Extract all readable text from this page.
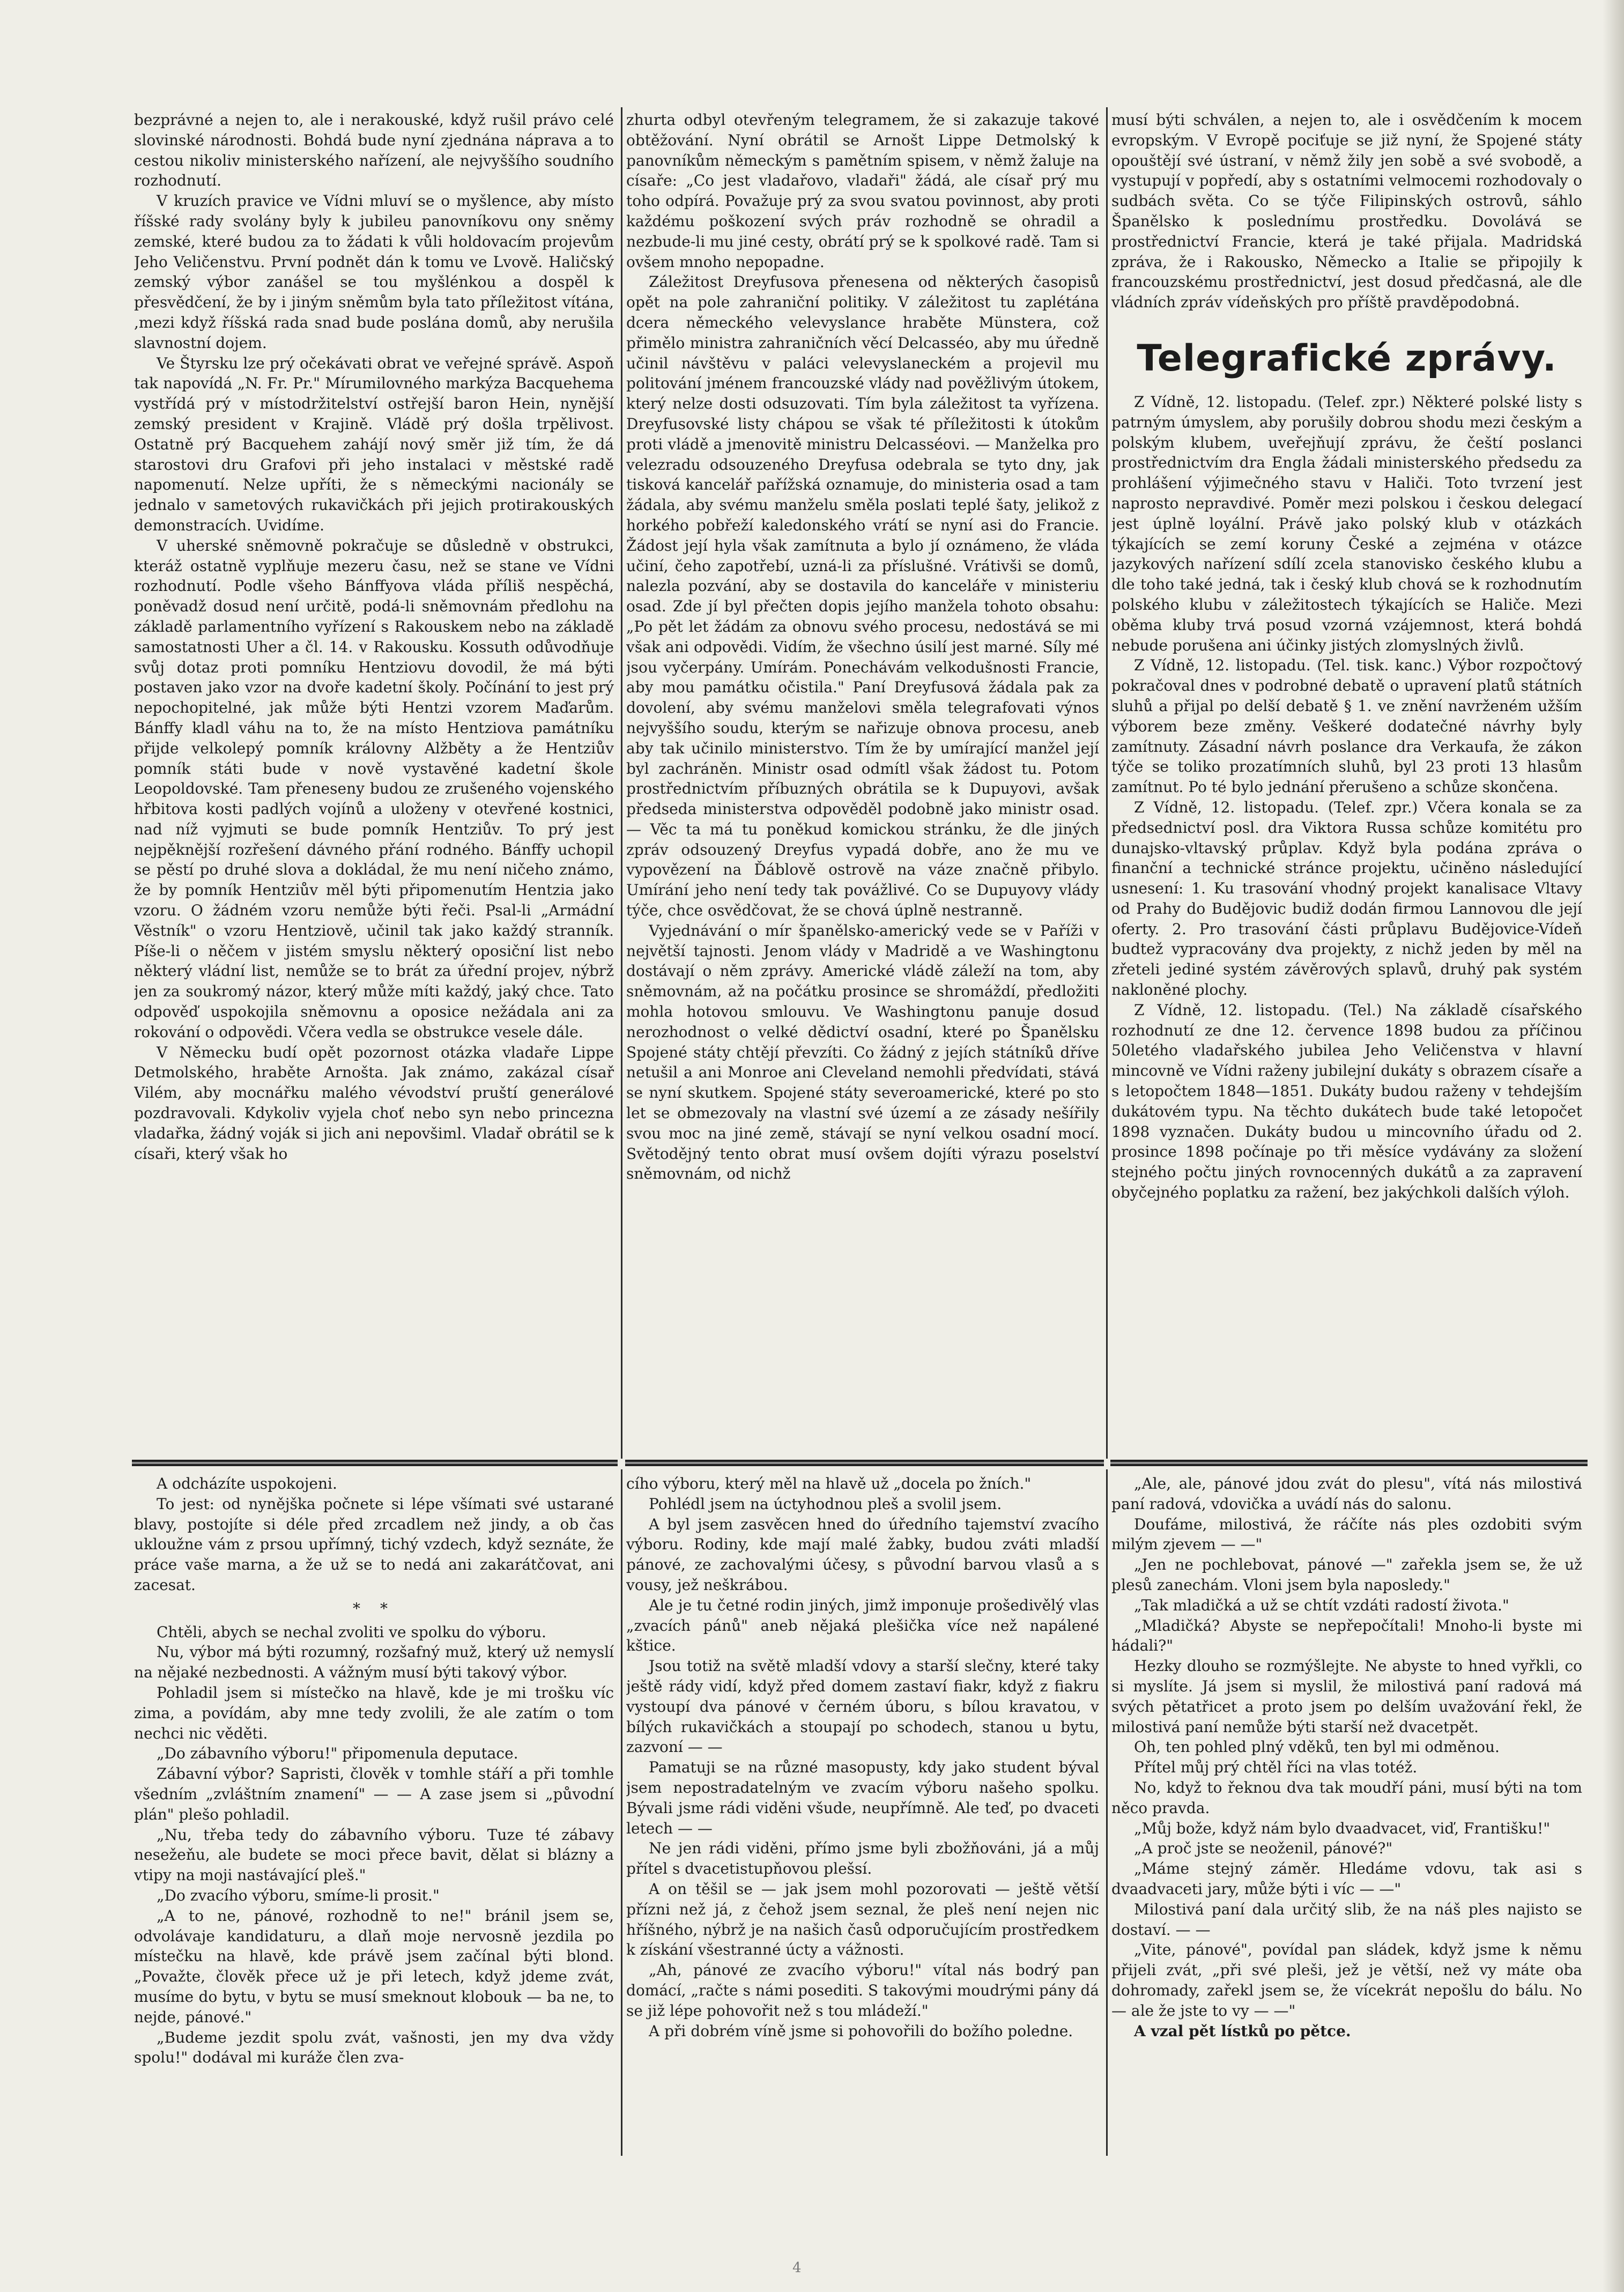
bezprávné a nejen to, ale i nerakouské, když rušil právo celé slovinské národnosti. Bohdá bude nyní zjednána náprava a to cestou nikoliv ministerského nařízení, ale nejvyššího soudního rozhodnutí.

V kruzích pravice ve Vídni mluví se o myšlence, aby místo říšské rady svolány byly k jubileu panovníkovu ony sněmy zemské, které budou za to žádati k vůli holdovacím projevům Jeho Veličenstvu. První podnět dán k tomu ve Lvově. Haličský zemský výbor zanášel se tou myšlénkou a dospěl k přesvědčení, že by i jiným sněmům byla tato příležitost vítána, ,mezi když říšská rada snad bude poslána domů, aby nerušila slavnostní dojem.

Ve Štyrsku lze prý očekávati obrat ve veřejné správě. Aspoň tak napovídá „N. Fr. Pr." Mírumilovného markýza Bacquehema vystřídá prý v místodržitelství ostřejší baron Hein, nynější zemský president v Krajině. Vládě prý došla trpělivost. Ostatně prý Bacquehem zahájí nový směr již tím, že dá starostovi dru Grafovi při jeho instalaci v městské radě napomenutí. Nelze upříti, že s německými nacionály se jednalo v sametových rukavičkách při jejich protirakouských demonstracích. Uvidíme.

V uherské sněmovně pokračuje se důsledně v obstrukci, kteráž ostatně vyplňuje mezeru času, než se stane ve Vídni rozhodnutí. Podle všeho Bánffyova vláda příliš nespěchá, poněvadž dosud není určitě, podá-li sněmovnám předlohu na základě parlamentního vyřízení s Rakouskem nebo na základě samostatnosti Uher a čl. 14. v Rakousku. Kossuth odůvodňuje svůj dotaz proti pomníku Hentziovu dovodil, že má býti postaven jako vzor na dvoře kadetní školy. Počínání to jest prý nepochopitelné, jak může býti Hentzi vzorem Maďarům. Bánffy kladl váhu na to, že na místo Hentziova památníku přijde velkolepý pomník královny Alžběty a že Hentziův pomník státi bude v nově vystavěné kadetní škole Leopoldovské. Tam přeneseny budou ze zrušeného vojenského hřbitova kosti padlých vojínů a uloženy v otevřené kostnici, nad níž vyjmuti se bude pomník Hentziův. To prý jest nejpěknější rozřešení dávného přání rodného. Bánffy uchopil se pěstí po druhé slova a dokládal, že mu není ničeho známo, že by pomník Hentziův měl býti připomenutím Hentzia jako vzoru. O žádném vzoru nemůže býti řeči. Psal-li „Armádní Věstník" o vzoru Hentziově, učinil tak jako každý stranník. Píše-li o něčem v jistém smyslu některý oposiční list nebo některý vládní list, nemůže se to brát za úřední projev, nýbrž jen za soukromý názor, který může míti každý, jaký chce. Tato odpověď uspokojila sněmovnu a oposice nežádala ani za rokování o odpovědi. Včera vedla se obstrukce vesele dále.

V Německu budí opět pozornost otázka vladaře Lippe Detmolského, hraběte Arnošta. Jak známo, zakázal císař Vilém, aby mocnářku malého vévodství pruští generálové pozdravovali. Kdykoliv vyjela choť nebo syn nebo princezna vladařka, žádný voják si jich ani nepovšiml. Vladař obrátil se k císaři, který však ho

zhurta odbyl otevřeným telegramem, že si zakazuje takové obtěžování. Nyní obrátil se Arnošt Lippe Detmolský k panovníkům německým s pamětním spisem, v němž žaluje na císaře: „Co jest vladařovo, vladaři" žádá, ale císař prý mu toho odpírá. Považuje prý za svou svatou povinnost, aby proti každému poškození svých práv rozhodně se ohradil a nezbude-li mu jiné cesty, obrátí prý se k spolkové radě. Tam si ovšem mnoho nepopadne.

Záležitost Dreyfusova přenesena od některých časopisů opět na pole zahraniční politiky. V záležitost tu zaplétána dcera německého velevyslance hraběte Münstera, což přimělo ministra zahraničních věcí Delcasséo, aby mu úředně učinil návštěvu v paláci velevyslaneckém a projevil mu politování jménem francouzské vlády nad pověžlivým útokem, který nelze dosti odsuzovati. Tím byla záležitost ta vyřízena. Dreyfusovské listy chápou se však té příležitosti k útokům proti vládě a jmenovitě ministru Delcasséovi. — Manželka pro velezradu odsouzeného Dreyfusa odebrala se tyto dny, jak tisková kancelář pařížská oznamuje, do ministeria osad a tam žádala, aby svému manželu směla poslati teplé šaty, jelikož z horkého pobřeží kaledonského vrátí se nyní asi do Francie. Žádost její hyla však zamítnuta a bylo jí oznámeno, že vláda učiní, čeho zapotřebí, uzná-li za příslušné. Vrátivši se domů, nalezla pozvání, aby se dostavila do kanceláře v ministeriu osad. Zde jí byl přečten dopis jejího manžela tohoto obsahu: „Po pět let žádám za obnovu svého procesu, nedostává se mi však ani odpovědi. Vidím, že všechno úsilí jest marné. Síly mé jsou vyčerpány. Umírám. Ponechávám velkodušnosti Francie, aby mou památku očistila." Paní Dreyfusová žádala pak za dovolení, aby svému manželovi směla telegrafovati výnos nejvyššího soudu, kterým se nařizuje obnova procesu, aneb aby tak učinilo ministerstvo. Tím že by umírající manžel její byl zachráněn. Ministr osad odmítl však žádost tu. Potom prostřednictvím příbuzných obrátila se k Dupuyovi, avšak předseda ministerstva odpověděl podobně jako ministr osad. — Věc ta má tu poněkud komickou stránku, že dle jiných zpráv odsouzený Dreyfus vypadá dobře, ano že mu ve vypovězení na Ďáblově ostrově na váze značně přibylo. Umírání jeho není tedy tak povážlivé. Co se Dupuyovy vlády týče, chce osvědčovat, že se chová úplně nestranně.

Vyjednávání o mír španělsko-americký vede se v Paříži v největší tajnosti. Jenom vlády v Madridě a ve Washingtonu dostávají o něm zprávy. Americké vládě záleží na tom, aby sněmovnám, až na počátku prosince se shromáždí, předložiti mohla hotovou smlouvu. Ve Washingtonu panuje dosud nerozhodnost o velké dědictví osadní, které po Španělsku Spojené státy chtějí převzíti. Co žádný z jejích státníků dříve netušil a ani Monroe ani Cleveland nemohli předvídati, stává se nyní skutkem. Spojené státy severoamerické, které po sto let se obmezovaly na vlastní své území a ze zásady nešířily svou moc na jiné země, stávají se nyní velkou osadní mocí. Světodějný tento obrat musí ovšem dojíti výrazu poselství sněmovnám, od nichž

musí býti schválen, a nejen to, ale i osvědčením k mocem evropským. V Evropě pociťuje se již nyní, že Spojené státy opouštějí své ústraní, v němž žily jen sobě a své svobodě, a vystupují v popředí, aby s ostatními velmocemi rozhodovaly o sudbách světa. Co se týče Filipinských ostrovů, sáhlo Španělsko k poslednímu prostředku. Dovolává se prostřednictví Francie, která je také přijala. Madridská zpráva, že i Rakousko, Německo a Italie se připojily k francouzskému prostřednictví, jest dosud předčasná, ale dle vládních zpráv vídeňských pro příště pravděpodobná.

Telegrafické zprávy.

Z Vídně, 12. listopadu. (Telef. zpr.) Některé polské listy s patrným úmyslem, aby porušily dobrou shodu mezi českým a polským klubem, uveřejňují zprávu, že čeští poslanci prostřednictvím dra Engla žádali ministerského předsedu za prohlášení výjimečného stavu v Haliči. Toto tvrzení jest naprosto nepravdivé. Poměr mezi polskou i českou delegací jest úplně loyální. Právě jako polský klub v otázkách týkajících se zemí koruny České a zejména v otázce jazykových nařízení sdílí zcela stanovisko českého klubu a dle toho také jedná, tak i český klub chová se k rozhodnutím polského klubu v záležitostech týkajících se Haliče. Mezi oběma kluby trvá posud vzorná vzájemnost, která bohdá nebude porušena ani účinky jistých zlomyslných živlů.

Z Vídně, 12. listopadu. (Tel. tisk. kanc.) Výbor rozpočtový pokračoval dnes v podrobné debatě o upravení platů státních sluhů a přijal po delší debatě § 1. ve znění navrženém užším výborem beze změny. Veškeré dodatečné návrhy byly zamítnuty. Zásadní návrh poslance dra Verkaufa, že zákon týče se toliko prozatímních sluhů, byl 23 proti 13 hlasům zamítnut. Po té bylo jednání přerušeno a schůze skončena.

Z Vídně, 12. listopadu. (Telef. zpr.) Včera konala se za předsednictví posl. dra Viktora Russa schůze komitétu pro dunajsko-vltavský průplav. Když byla podána zpráva o finanční a technické stránce projektu, učiněno následující usnesení: 1. Ku trasování vhodný projekt kanalisace Vltavy od Prahy do Budějovic budiž dodán firmou Lannovou dle její oferty. 2. Pro trasování části průplavu Budějovice-Vídeň budtež vypracovány dva projekty, z nichž jeden by měl na zřeteli jediné systém závěrových splavů, druhý pak systém nakloněné plochy.

Z Vídně, 12. listopadu. (Tel.) Na základě císařského rozhodnutí ze dne 12. července 1898 budou za příčinou 50letého vladařského jubilea Jeho Veličenstva v hlavní mincovně ve Vídni raženy jubilejní dukáty s obrazem císaře a s letopočtem 1848—1851. Dukáty budou raženy v tehdejším dukátovém typu. Na těchto dukátech bude také letopočet 1898 vyznačen. Dukáty budou u mincovního úřadu od 2. prosince 1898 počínaje po tři měsíce vydávány za složení stejného počtu jiných rovnocenných dukátů a za zapravení obyčejného poplatku za ražení, bez jakýchkoli dalších výloh.

A odcházíte uspokojeni.

To jest: od nynějška počnete si lépe všímati své ustarané blavy, postojíte si déle před zrcadlem než jindy, a ob čas ukloužne vám z prsou upřímný, tichý vzdech, když seznáte, že práce vaše marna, a že už se to nedá ani zakarátčovat, ani zacesat.

* *

Chtěli, abych se nechal zvoliti ve spolku do výboru.

Nu, výbor má býti rozumný, rozšafný muž, který už nemyslí na nějaké nezbednosti. A vážným musí býti takový výbor.

Pohladil jsem si místečko na hlavě, kde je mi trošku víc zima, a povídám, aby mne tedy zvolili, že ale zatím o tom nechci nic věděti.

„Do zábavního výboru!" připomenula deputace.

Zábavní výbor? Sapristi, člověk v tomhle stáří a při tomhle všedním „zvláštním znamení" — — A zase jsem si „původní plán" plešo pohladil.

„Nu, třeba tedy do zábavního výboru. Tuze té zábavy nesežeňu, ale budete se moci přece bavit, dělat si blázny a vtipy na moji nastávající pleš."

„Do zvacího výboru, smíme-li prosit."

„A to ne, pánové, rozhodně to ne!" bránil jsem se, odvolávaje kandidaturu, a dlaň moje nervosně jezdila po místečku na hlavě, kde právě jsem začínal býti blond. „Považte, člověk přece už je při letech, když jdeme zvát, musíme do bytu, v bytu se musí smeknout klobouk — ba ne, to nejde, pánové."

„Budeme jezdit spolu zvát, vašnosti, jen my dva vždy spolu!" dodával mi kuráže člen zva-

cího výboru, který měl na hlavě už „docela po žních."

Pohlédl jsem na úctyhodnou pleš a svolil jsem.

A byl jsem zasvěcen hned do úředního tajemství zvacího výboru. Rodiny, kde mají malé žabky, budou zváti mladší pánové, ze zachovalými účesy, s původní barvou vlasů a s vousy, jež neškrábou.

Ale je tu četné rodin jiných, jimž imponuje prošedivělý vlas „zvacích pánů" aneb nějaká plešička více než napálené kštice.

Jsou totiž na světě mladší vdovy a starší slečny, které taky ještě rády vidí, když před domem zastaví fiakr, když z fiakru vystoupí dva pánové v černém úboru, s bílou kravatou, v bílých rukavičkách a stoupají po schodech, stanou u bytu, zazvoní — —

Pamatuji se na různé masopusty, kdy jako student býval jsem nepostradatelným ve zvacím výboru našeho spolku. Bývali jsme rádi viděni všude, neupřímně. Ale teď, po dvaceti letech — —

Ne jen rádi viděni, přímo jsme byli zbožňováni, já a můj přítel s dvacetistupňovou plešsí.

A on těšil se — jak jsem mohl pozorovati — ještě větší přízni než já, z čehož jsem seznal, že pleš není nejen nic hříšného, nýbrž je na našich časů odporučujícím prostředkem k získání všestranné úcty a vážnosti.

„Ah, pánové ze zvacího výboru!" vítal nás bodrý pan domácí, „račte s námi posediti. S takovými moudrými pány dá se již lépe pohovořit než s tou mládeží."

A při dobrém víně jsme si pohovořili do božího poledne.

„Ale, ale, pánové jdou zvát do plesu", vítá nás milostivá paní radová, vdovička a uvádí nás do salonu.

Doufáme, milostivá, že ráčíte nás ples ozdobiti svým milým zjevem — —"

„Jen ne pochlebovat, pánové —" zařekla jsem se, že už plesů zanechám. Vloni jsem byla naposledy."

„Tak mladičká a už se chtít vzdáti radostí života."

„Mladičká? Abyste se nepřepočítali! Mnoho-li byste mi hádali?"

Hezky dlouho se rozmýšlejte. Ne abyste to hned vyřkli, co si myslíte. Já jsem si myslil, že milostivá paní radová má svých pětatřicet a proto jsem po delším uvažování řekl, že milostivá paní nemůže býti starší než dvacetpět.

Oh, ten pohled plný vděků, ten byl mi odměnou.

Přítel můj prý chtěl říci na vlas totéž.

No, když to řeknou dva tak moudří páni, musí býti na tom něco pravda.

„Můj bože, když nám bylo dvaadvacet, viď, Františku!"

„A proč jste se neoženil, pánové?"

„Máme stejný záměr. Hledáme vdovu, tak asi s dvaadvaceti jary, může býti i víc — —"

Milostivá paní dala určitý slib, že na náš ples najisto se dostaví. — —

„Vite, pánové", povídal pan sládek, když jsme k němu přijeli zvát, „při své pleši, jež je větší, než vy máte oba dohromady, zařekl jsem se, že vícekrát nepošlu do bálu. No — ale že jste to vy — —"

A vzal pět lístků po pětce.

4
